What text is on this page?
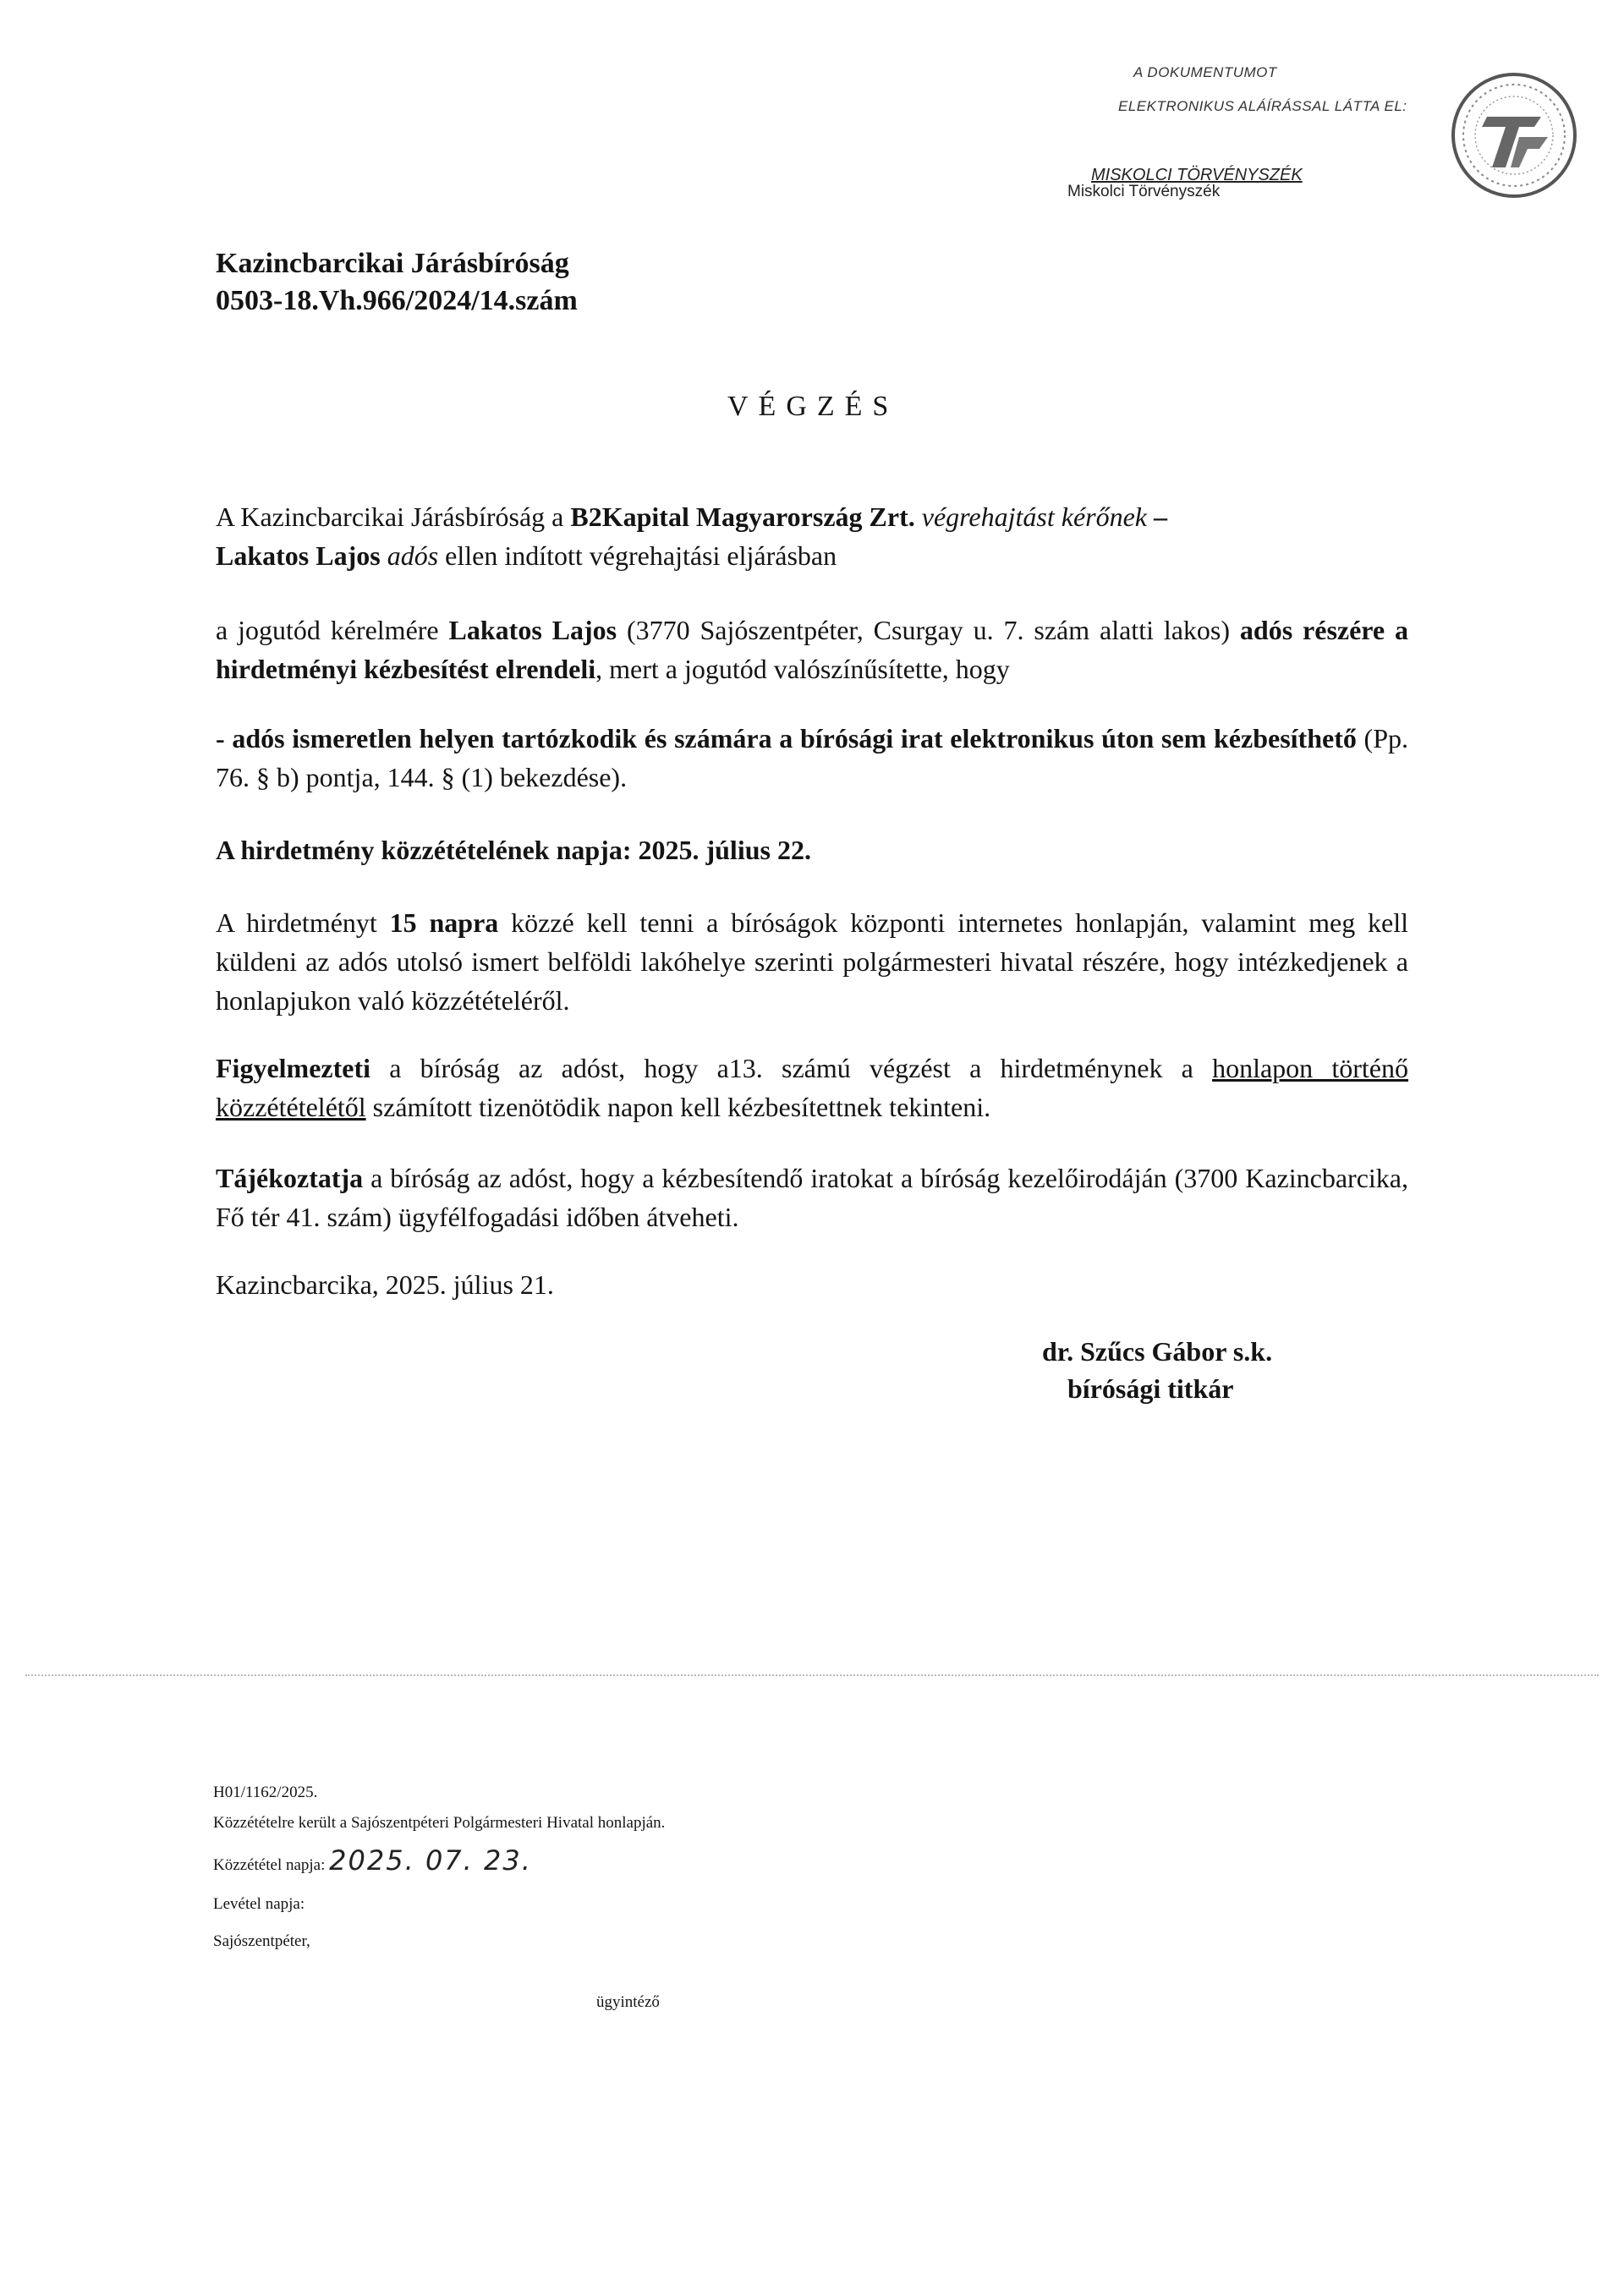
A DOKUMENTUMOT
ELEKTRONIKUS ALÁÍRÁSSAL LÁTTA EL:
MISKOLCI TÖRVÉNYSZÉK
Miskolci Törvényszék
Kazincbarcikai Járásbíróság
0503-18.Vh.966/2024/14.szám
VÉGZÉS
A Kazincbarcikai Járásbíróság a B2Kapital Magyarország Zrt. végrehajtást kérőnek –
Lakatos Lajos adós ellen indított végrehajtási eljárásban
a jogutód kérelmére Lakatos Lajos (3770 Sajószentpéter, Csurgay u. 7. szám alatti lakos) adós részére a hirdetményi kézbesítést elrendeli, mert a jogutód valószínűsítette, hogy
- adós ismeretlen helyen tartózkodik és számára a bírósági irat elektronikus úton sem kézbesíthető (Pp. 76. § b) pontja, 144. § (1) bekezdése).
A hirdetmény közzétételének napja: 2025. július 22.
A hirdetményt 15 napra közzé kell tenni a bíróságok központi internetes honlapján, valamint meg kell küldeni az adós utolsó ismert belföldi lakóhelye szerinti polgármesteri hivatal részére, hogy intézkedjenek a honlapjukon való közzétételéről.
Figyelmezteti a bíróság az adóst, hogy a13. számú végzést a hirdetménynek a honlapon történő közzétételétől számított tizenötödik napon kell kézbesítettnek tekinteni.
Tájékoztatja a bíróság az adóst, hogy a kézbesítendő iratokat a bíróság kezelőirodáján (3700 Kazincbarcika, Fő tér 41. szám) ügyfélfogadási időben átveheti.
Kazincbarcika, 2025. július 21.
dr. Szűcs Gábor s.k.
bírósági titkár
H01/1162/2025.
Közzétételre került a Sajószentpéteri Polgármesteri Hivatal honlapján.
Közzététel napja: 2025. 07. 23.
Levétel napja:
Sajószentpéter,
ügyintéző
